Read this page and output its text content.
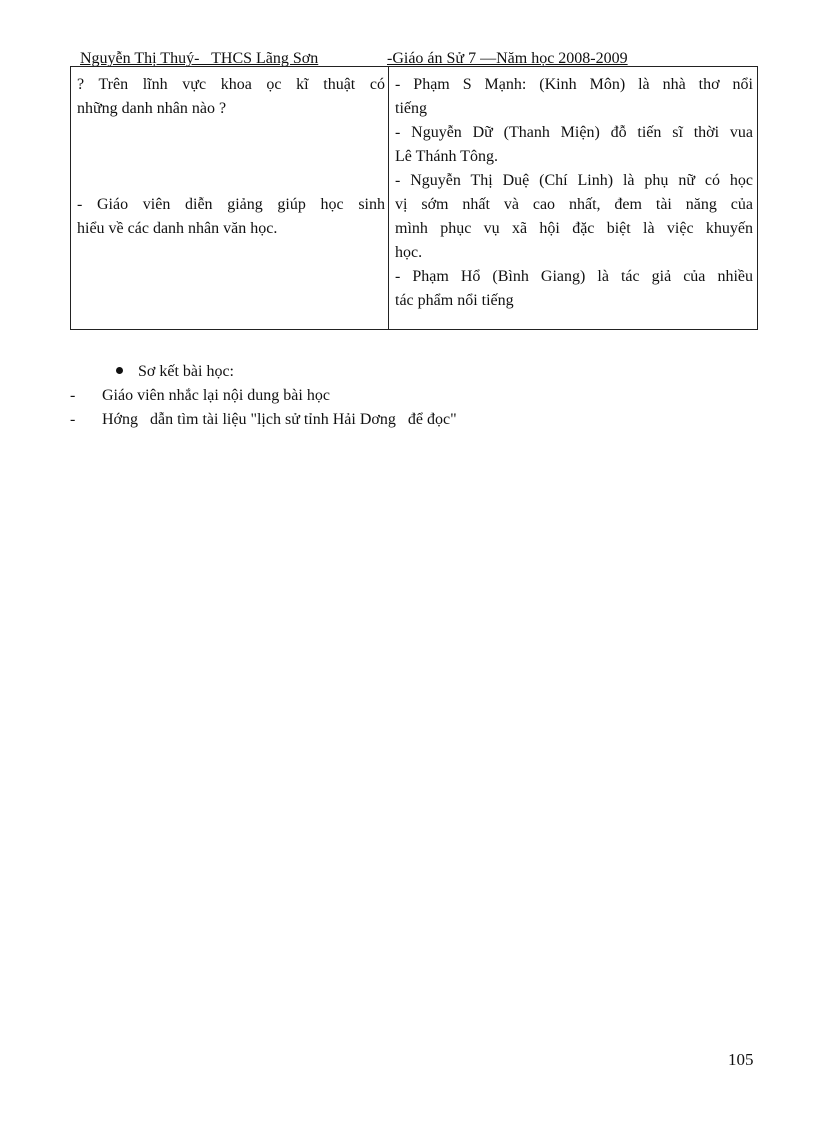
Nguyễn Thị Thuý-   THCS Lãng Sơn	-Giáo án Sử 7 —Năm học 2008-2009
? Trên lĩnh vực khoa ọc kĩ thuật có
những danh nhân nào ?
- Giáo viên diễn giảng giúp học sinh
hiểu về các danh nhân văn học.
- Phạm S Mạnh: (Kinh Môn) là nhà thơ nổi
tiếng
- Nguyễn Dữ (Thanh Miện) đỗ tiến sĩ thời vua
Lê Thánh Tông.
- Nguyễn Thị Duệ (Chí Linh) là phụ nữ có học
vị sớm nhất và cao nhất, đem tài năng của
mình phục vụ xã hội đặc biệt là việc khuyến
học.
- Phạm Hổ (Bình Giang) là tác giả của nhiều
tác phẩm nổi tiếng
Sơ kết bài học:
- Giáo viên nhắc lại nội dung bài học
- Hớng   dẫn tìm tài liệu "lịch sử tỉnh Hải Dơng   để đọc"
105
